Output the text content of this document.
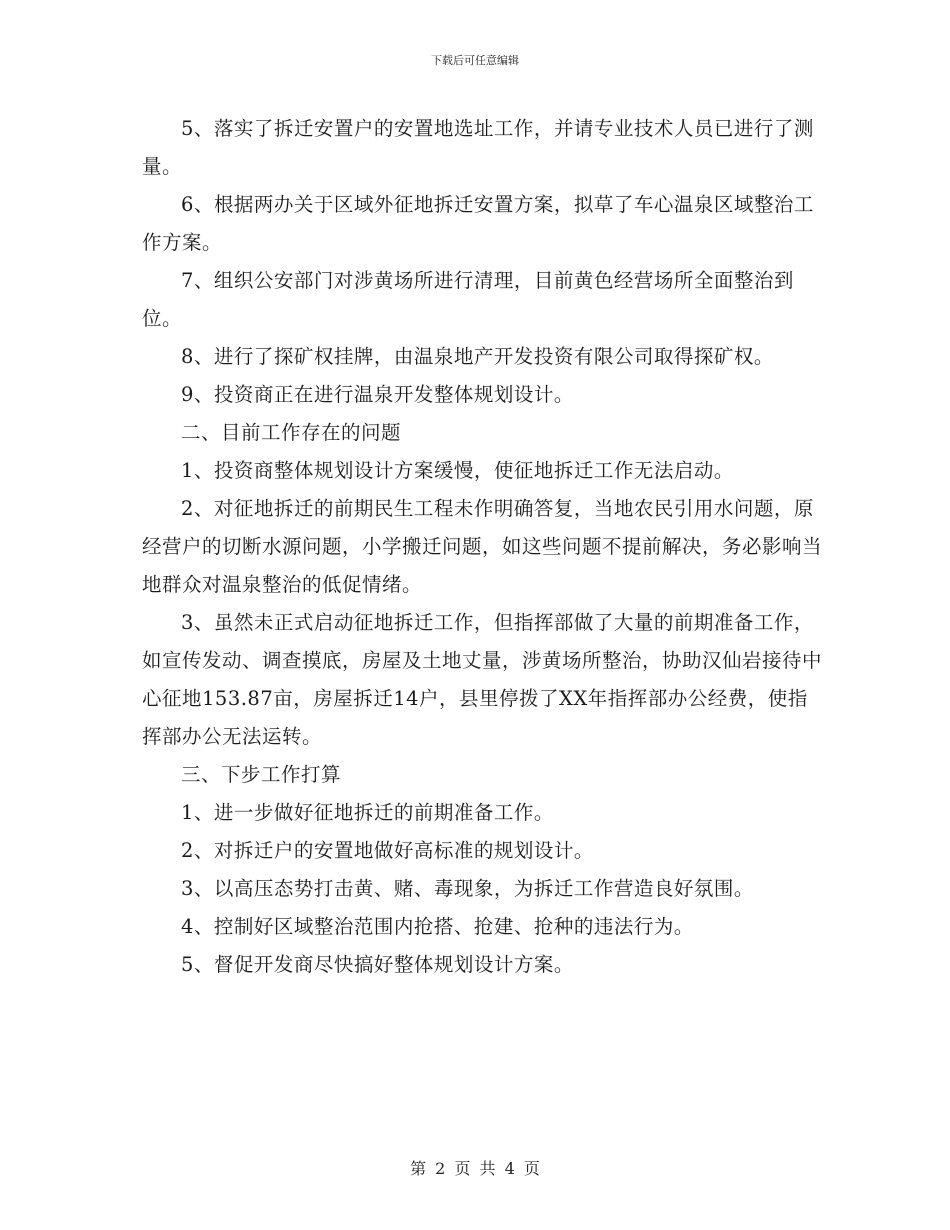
下载后可任意编辑

5、落实了拆迁安置户的安置地选址工作，并请专业技术人员已进行了测量。

6、根据两办关于区域外征地拆迁安置方案，拟草了车心温泉区域整治工作方案。

7、组织公安部门对涉黄场所进行清理，目前黄色经营场所全面整治到位。

8、进行了探矿权挂牌，由温泉地产开发投资有限公司取得探矿权。

9、投资商正在进行温泉开发整体规划设计。

二、目前工作存在的问题

1、投资商整体规划设计方案缓慢，使征地拆迁工作无法启动。

2、对征地拆迁的前期民生工程未作明确答复，当地农民引用水问题，原经营户的切断水源问题，小学搬迁问题，如这些问题不提前解决，务必影响当地群众对温泉整治的低促情绪。

3、虽然未正式启动征地拆迁工作，但指挥部做了大量的前期准备工作，如宣传发动、调查摸底，房屋及土地丈量，涉黄场所整治，协助汉仙岩接待中心征地153.87亩，房屋拆迁14户，县里停拨了XX年指挥部办公经费，使指挥部办公无法运转。

三、下步工作打算

1、进一步做好征地拆迁的前期准备工作。

2、对拆迁户的安置地做好高标准的规划设计。

3、以高压态势打击黄、赌、毒现象，为拆迁工作营造良好氛围。

4、控制好区域整治范围内抢搭、抢建、抢种的违法行为。

5、督促开发商尽快搞好整体规划设计方案。

第 2 页 共 4 页
